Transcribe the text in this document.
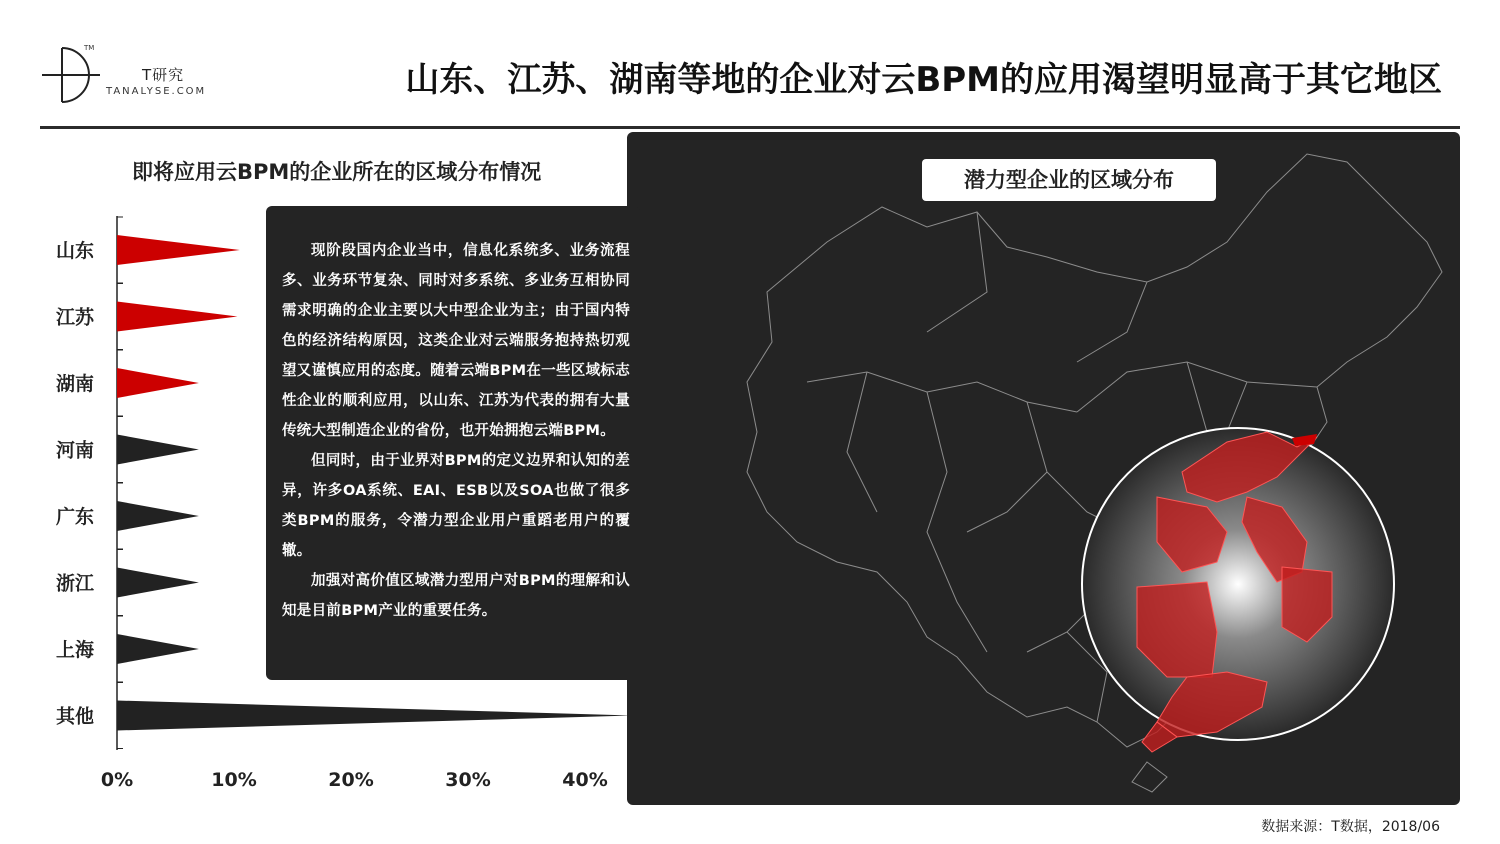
TM
T研究
TANALYSE.COM	山东、江苏、湖南等地的企业对云BPM的应用渴望明显高于其它地区
即将应用云BPM的企业所在的区域分布情况
山东
江苏
湖南
河南
广东
浙江
上海
其他
0%	10%	20%	30%	40%
潜力型企业的区域分布

现阶段国内企业当中，信息化系统多、业务流程多、业务环节复杂、同时对多系统、多业务互相协同需求明确的企业主要以大中型企业为主；由于国内特色的经济结构原因，这类企业对云端服务抱持热切观望又谨慎应用的态度。随着云端BPM在一些区域标志性企业的顺利应用，以山东、江苏为代表的拥有大量传统大型制造企业的省份，也开始拥抱云端BPM。

但同时，由于业界对BPM的定义边界和认知的差异，许多OA系统、EAI、ESB以及SOA也做了很多类BPM的服务，令潜力型企业用户重蹈老用户的覆辙。

加强对高价值区域潜力型用户对BPM的理解和认知是目前BPM产业的重要任务。

数据来源：T数据，2018/06
